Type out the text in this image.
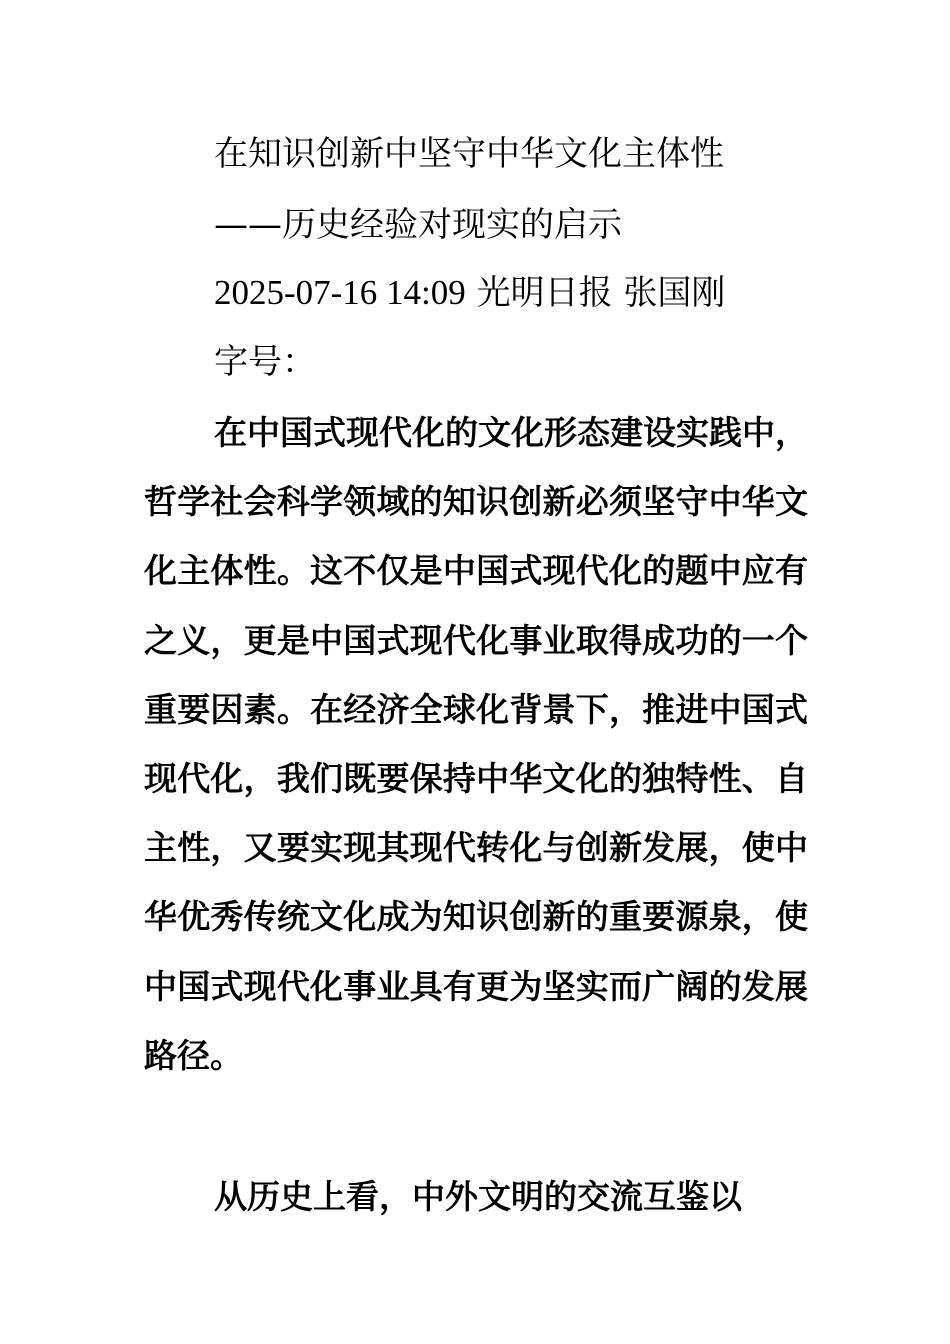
在知识创新中坚守中华文化主体性
——历史经验对现实的启示
2025-07-16 14:09 光明日报 张国刚
字号：

在中国式现代化的文化形态建设实践中，哲学社会科学领域的知识创新必须坚守中华文化主体性。这不仅是中国式现代化的题中应有之义，更是中国式现代化事业取得成功的一个重要因素。在经济全球化背景下，推进中国式现代化，我们既要保持中华文化的独特性、自主性，又要实现其现代转化与创新发展，使中华优秀传统文化成为知识创新的重要源泉，使中国式现代化事业具有更为坚实而广阔的发展路径。

从历史上看，中外文明的交流互鉴以
